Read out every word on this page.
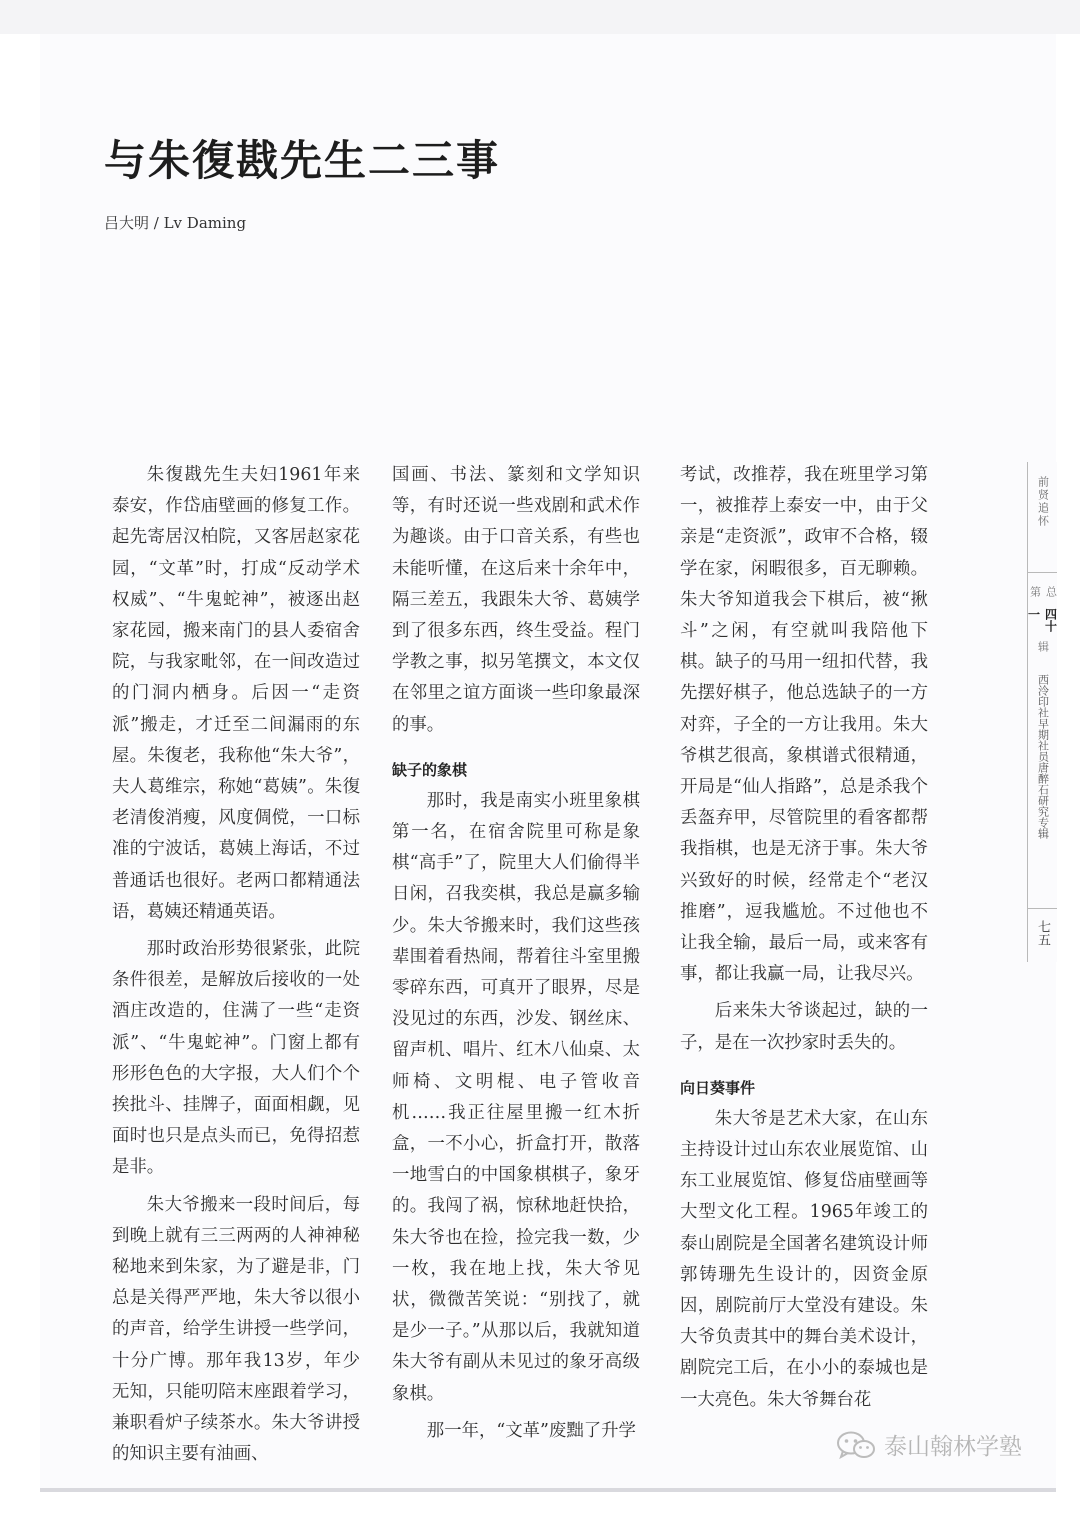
与朱復戡先生二三事
吕大明 / Lv Daming

朱復戡先生夫妇1961年来泰安，作岱庙壁画的修复工作。起先寄居汉柏院，又客居赵家花园，“文革”时，打成“反动学术权威”、“牛鬼蛇神”，被逐出赵家花园，搬来南门的县人委宿舍院，与我家毗邻，在一间改造过的门洞内栖身。后因一“走资派”搬走，才迁至二间漏雨的东屋。朱復老，我称他“朱大爷”，夫人葛维宗，称她“葛姨”。朱復老清俊消瘦，风度倜傥，一口标准的宁波话，葛姨上海话，不过普通话也很好。老两口都精通法语，葛姨还精通英语。

那时政治形势很紧张，此院条件很差，是解放后接收的一处酒庄改造的，住满了一些“走资派”、“牛鬼蛇神”。门窗上都有形形色色的大字报，大人们个个挨批斗、挂牌子，面面相觑，见面时也只是点头而已，免得招惹是非。

朱大爷搬来一段时间后，每到晚上就有三三两两的人神神秘秘地来到朱家，为了避是非，门总是关得严严地，朱大爷以很小的声音，给学生讲授一些学问，十分广博。那年我13岁，年少无知，只能叨陪末座跟着学习，兼职看炉子续茶水。朱大爷讲授的知识主要有油画、

国画、书法、篆刻和文学知识等，有时还说一些戏剧和武术作为趣谈。由于口音关系，有些也未能听懂，在这后来十余年中，隔三差五，我跟朱大爷、葛姨学到了很多东西，终生受益。程门学教之事，拟另笔撰文，本文仅在邻里之谊方面谈一些印象最深的事。

缺子的象棋

那时，我是南实小班里象棋第一名，在宿舍院里可称是象棋“高手”了，院里大人们偷得半日闲，召我奕棋，我总是赢多输少。朱大爷搬来时，我们这些孩辈围着看热闹，帮着往斗室里搬零碎东西，可真开了眼界，尽是没见过的东西，沙发、钢丝床、留声机、唱片、红木八仙桌、太师椅、文明棍、电子管收音机……我正往屋里搬一红木折盒，一不小心，折盒打开，散落一地雪白的中国象棋棋子，象牙的。我闯了祸，惊秫地赶快拾，朱大爷也在捡，捡完我一数，少一枚，我在地上找，朱大爷见状，微微苦笑说：“别找了，就是少一子。”从那以后，我就知道朱大爷有副从未见过的象牙高级象棋。

那一年，“文革”废黜了升学

考试，改推荐，我在班里学习第一，被推荐上泰安一中，由于父亲是“走资派”，政审不合格，辍学在家，闲暇很多，百无聊赖。朱大爷知道我会下棋后，被“揪斗”之闲，有空就叫我陪他下棋。缺子的马用一纽扣代替，我先摆好棋子，他总选缺子的一方对弈，子全的一方让我用。朱大爷棋艺很高，象棋谱式很精通，开局是“仙人指路”，总是杀我个丢盔弃甲，尽管院里的看客都帮我指棋，也是无济于事。朱大爷兴致好的时候，经常走个“老汉推磨”，逗我尴尬。不过他也不让我全输，最后一局，或来客有事，都让我赢一局，让我尽兴。

后来朱大爷谈起过，缺的一子，是在一次抄家时丢失的。

向日葵事件

朱大爷是艺术大家，在山东主持设计过山东农业展览馆、山东工业展览馆、修复岱庙壁画等大型文化工程。1965年竣工的泰山剧院是全国著名建筑设计师郭铸珊先生设计的，因资金原因，剧院前厅大堂没有建设。朱大爷负责其中的舞台美术设计，剧院完工后，在小小的泰城也是一大亮色。朱大爷舞台花

前贤追怀
总第
四十一
辑
西泠印社早期社员唐醉石研究专辑
七五
泰山翰林学塾
